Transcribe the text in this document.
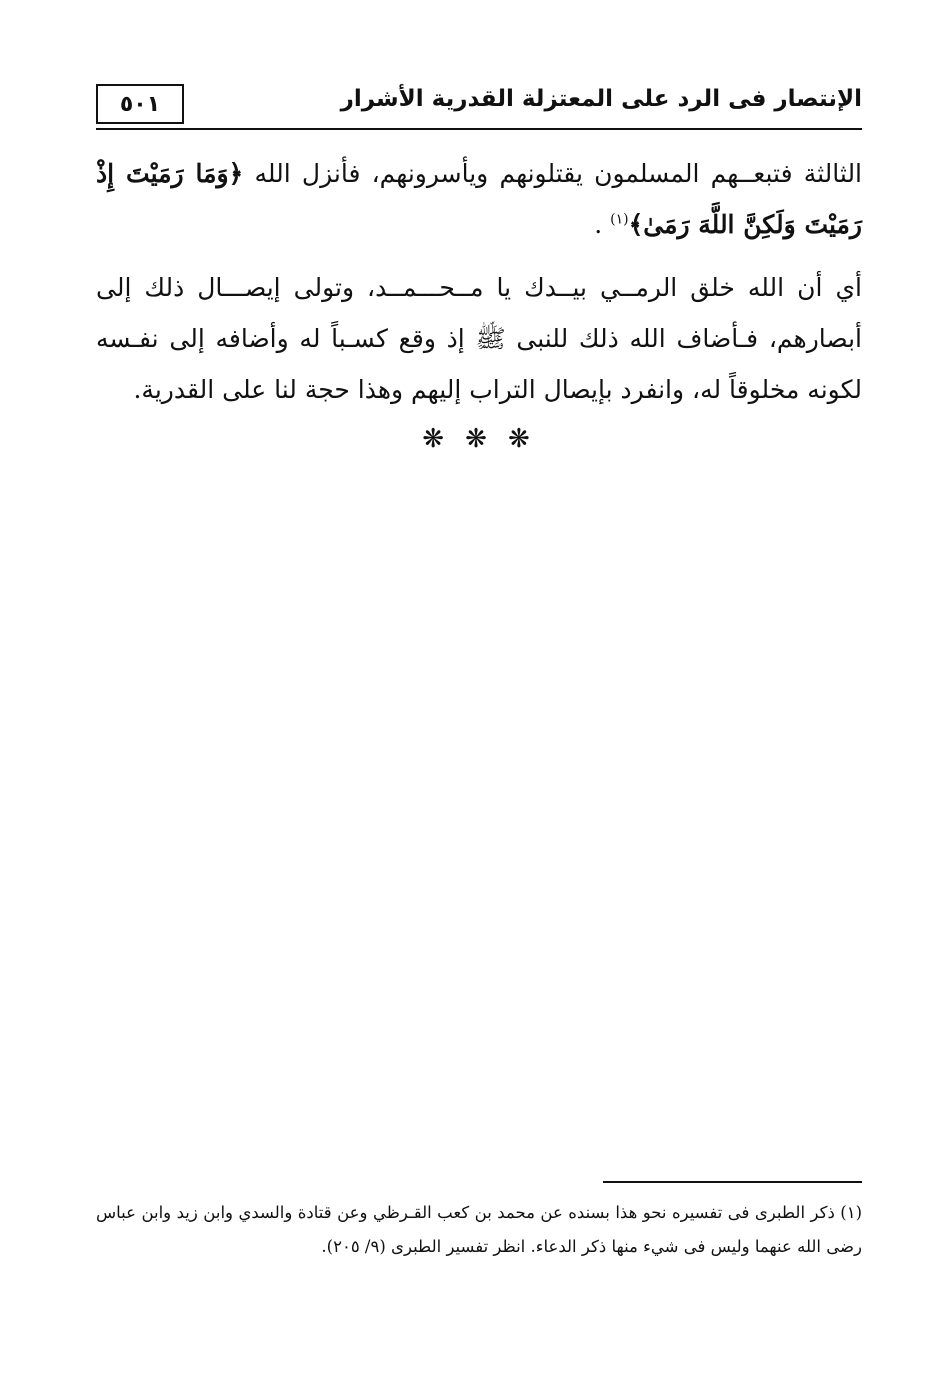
٥٠١	الإنتصار فى الرد على المعتزلة القدرية الأشرار

الثالثة فتبعــهم المسلمون يقتلونهم ويأسرونهم، فأنزل الله ﴿وَمَا رَمَيْتَ إِذْ رَمَيْتَ وَلَكِنَّ اللَّهَ رَمَىٰ﴾$^{(١)}$ .

أي أن الله خلق الرمــي بيــدك يا مــحـــمــد، وتولى إيصـــال ذلك إلى أبصارهم، فـأضاف الله ذلك للنبى ﷺ إذ وقع كسـباً له وأضافه إلى نفـسه لكونه مخلوقاً له، وانفرد بإيصال التراب إليهم وهذا حجة لنا على القدرية.

❋ ❋ ❋
(١) ذكر الطبرى فى تفسيره نحو هذا بسنده عن محمد بن كعب القـرظي وعن قتادة والسدي وابن زيد وابن عباس رضى الله عنهما وليس فى شيء منها ذكر الدعاء. انظر تفسير الطبرى (٩/ ٢٠٥).
